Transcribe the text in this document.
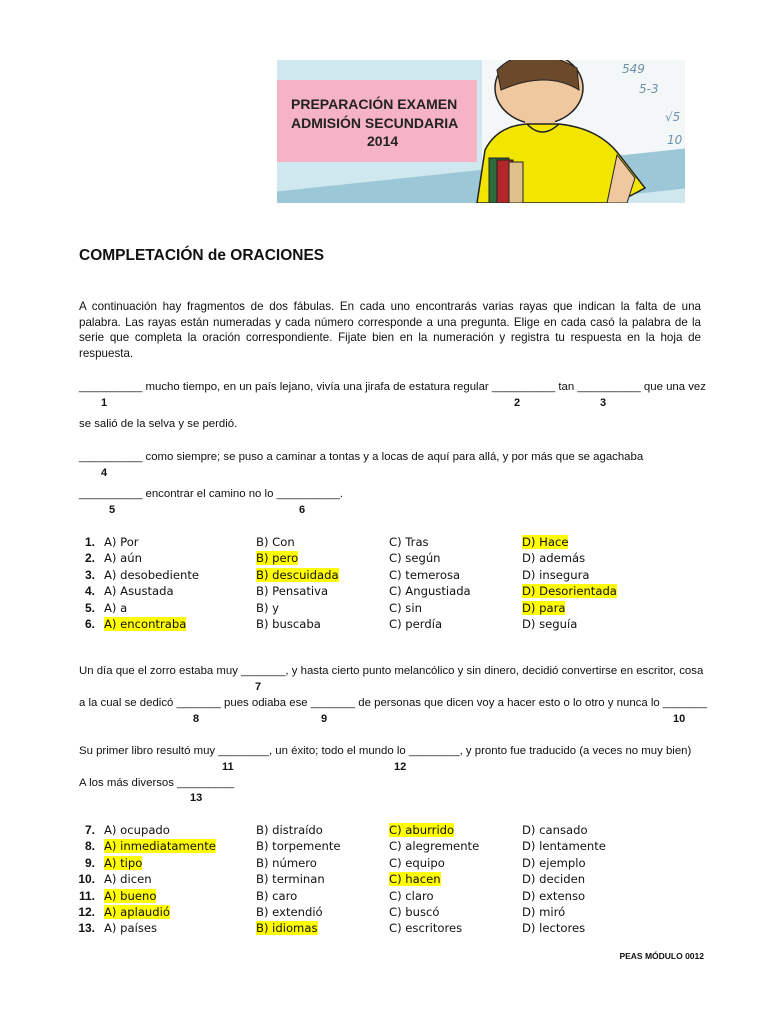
549
5-3
√5
10
PREPARACIÓN EXAMEN
ADMISIÓN SECUNDARIA
2014
COMPLETACIÓN de ORACIONES
A continuación hay fragmentos de dos fábulas. En cada uno encontrarás varias rayas que indican la falta de una palabra. Las rayas están numeradas y cada número corresponde a una pregunta. Elige en cada casó la palabra de la serie que completa la oración correspondiente. Fijate bien en la numeración y registra tu respuesta en la hoja de respuesta.
__________ mucho tiempo, en un país lejano, vivía una jirafa de estatura regular __________ tan __________ que una vez
1	2	3
se salió de la selva y se perdió.
__________ como siempre; se puso a caminar a tontas y a locas de aquí para allá, y por más que se agachaba
4
__________ encontrar el camino no lo __________.
5	6
1. A) Por	B) Con	C) Tras	D) Hace
2. A) aún	B) pero	C) según	D) además
3. A) desobediente	B) descuidada	C) temerosa	D) insegura
4. A) Asustada	B) Pensativa	C) Angustiada	D) Desorientada
5. A) a	B) y	C) sin	D) para
6. A) encontraba	B) buscaba	C) perdía	D) seguía
Un día que el zorro estaba muy _______, y hasta cierto punto melancólico y sin dinero, decidió convertirse en escritor, cosa
7
a la cual se dedicó _______ pues odiaba ese _______ de personas que dicen voy a hacer esto o lo otro y nunca lo _______
8	9	10
Su primer libro resultó muy ________, un éxito; todo el mundo lo ________, y pronto fue traducido (a veces no muy bien)
11	12
A los más diversos _________
13
7. A) ocupado	B) distraído	C) aburrido	D) cansado
8. A) inmediatamente	B) torpemente	C) alegremente	D) lentamente
9. A) tipo	B) número	C) equipo	D) ejemplo
10. A) dicen	B) terminan	C) hacen	D) deciden
11. A) bueno	B) caro	C) claro	D) extenso
12. A) aplaudió	B) extendió	C) buscó	D) miró
13. A) países	B) idiomas	C) escritores	D) lectores
PEAS MÓDULO 0012
